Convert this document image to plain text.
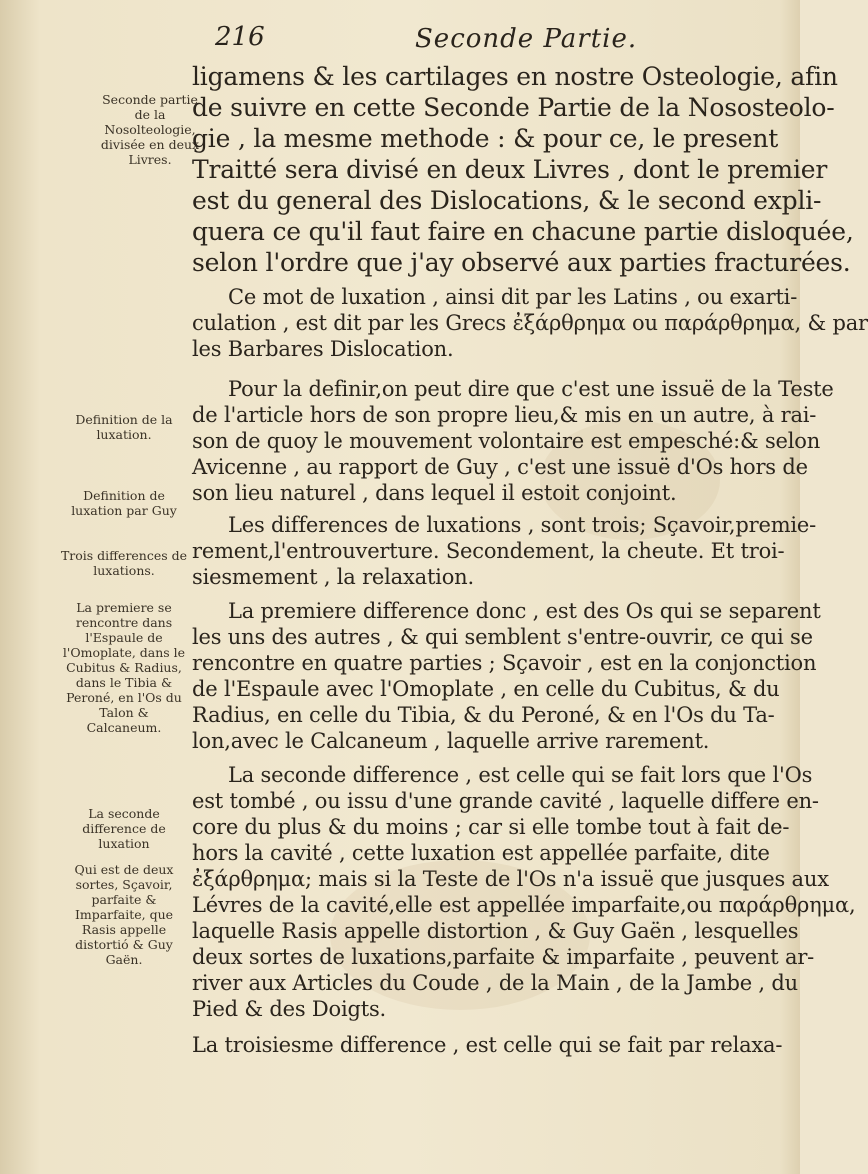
216	Seconde Partie.
Seconde partie de la Nosolteologie, divisée en deux Livres.
Definition de la luxation.
Definition de luxation par Guy
Trois differences de luxations.
La premiere se rencontre dans l'Espaule de l'Omoplate, dans le Cubitus & Radius, dans le Tibia & Peroné, en l'Os du Talon & Calcaneum.
La seconde difference de luxation
Qui est de deux sortes, Sçavoir, parfaite & Imparfaite, que Rasis appelle distortió & Guy Gaën.
ligamens & les cartilages en nostre Osteologie, afin
de suivre en cette Seconde Partie de la Nososteolo-
gie , la mesme methode : & pour ce, le present
Traitté sera divisé en deux Livres , dont le premier
est du general des Dislocations, & le second expli-
quera ce qu'il faut faire en chacune partie disloquée,
selon l'ordre que j'ay observé aux parties fracturées.
Ce mot de luxation , ainsi dit par les Latins , ou exarti-
culation , est dit par les Grecs ἐξάρθρημα ou παράρθρημα, & par
les Barbares Dislocation.
Pour la definir,on peut dire que c'est une issuë de la Teste
de l'article hors de son propre lieu,& mis en un autre, à rai-
son de quoy le mouvement volontaire est empesché:& selon
Avicenne , au rapport de Guy , c'est une issuë d'Os hors de
son lieu naturel , dans lequel il estoit conjoint.
Les differences de luxations , sont trois; Sçavoir,premie-
rement,l'entrouverture. Secondement, la cheute. Et troi-
siesmement , la relaxation.
La premiere difference donc , est des Os qui se separent
les uns des autres , & qui semblent s'entre-ouvrir, ce qui se
rencontre en quatre parties ; Sçavoir , est en la conjonction
de l'Espaule avec l'Omoplate , en celle du Cubitus, & du
Radius, en celle du Tibia, & du Peroné, & en l'Os du Ta-
lon,avec le Calcaneum , laquelle arrive rarement.
La seconde difference , est celle qui se fait lors que l'Os
est tombé , ou issu d'une grande cavité , laquelle differe en-
core du plus & du moins ; car si elle tombe tout à fait de-
hors la cavité , cette luxation est appellée parfaite, dite
ἐξάρθρημα; mais si la Teste de l'Os n'a issuë que jusques aux
Lévres de la cavité,elle est appellée imparfaite,ou παράρθρημα,
laquelle Rasis appelle distortion , & Guy Gaën , lesquelles
deux sortes de luxations,parfaite & imparfaite , peuvent ar-
river aux Articles du Coude , de la Main , de la Jambe , du
Pied & des Doigts.
La troisiesme difference , est celle qui se fait par relaxa-
